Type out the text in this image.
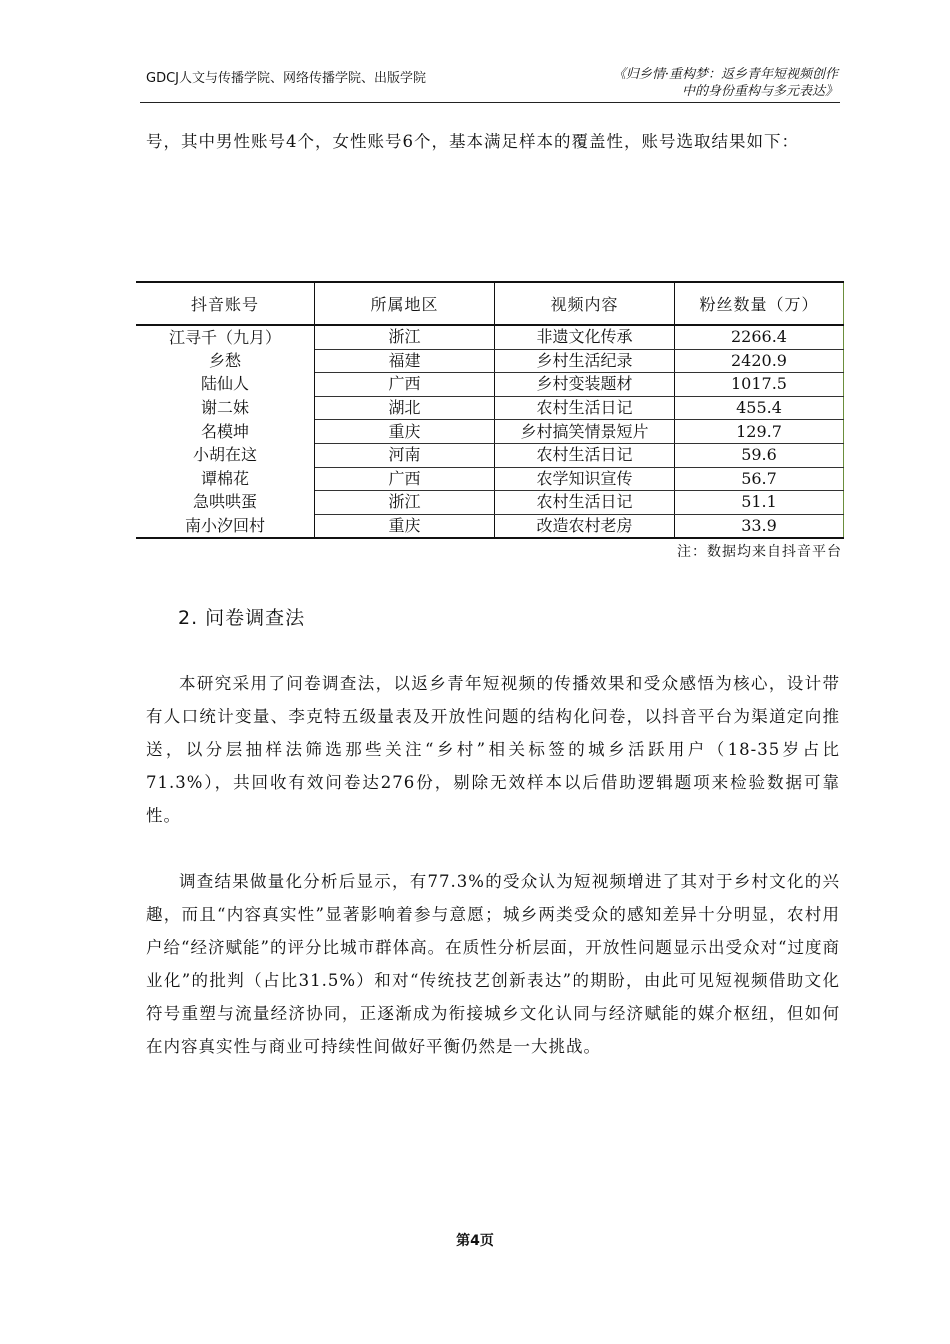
GDCJ人文与传播学院、网络传播学院、出版学院	《归乡情·重构梦：返乡青年短视频创作
中的身份重构与多元表达》
号，其中男性账号4个，女性账号6个，基本满足样本的覆盖性，账号选取结果如下：
抖音账号	所属地区	视频内容	粉丝数量（万）
江寻千（九月）	浙江	非遗文化传承	2266.4
乡愁	福建	乡村生活纪录	2420.9
陆仙人	广西	乡村变装题材	1017.5
谢二妹	湖北	农村生活日记	455.4
名模坤	重庆	乡村搞笑情景短片	129.7
小胡在这	河南	农村生活日记	59.6
谭棉花	广西	农学知识宣传	56.7
急哄哄蛋	浙江	农村生活日记	51.1
南小汐回村	重庆	改造农村老房	33.9
注：数据均来自抖音平台
2. 问卷调查法
本研究采用了问卷调查法，以返乡青年短视频的传播效果和受众感悟为核心，设计带有人口统计变量、李克特五级量表及开放性问题的结构化问卷，以抖音平台为渠道定向推送，以分层抽样法筛选那些关注“乡村”相关标签的城乡活跃用户（18-35岁占比71.3%），共回收有效问卷达276份，剔除无效样本以后借助逻辑题项来检验数据可靠性。
调查结果做量化分析后显示，有77.3%的受众认为短视频增进了其对于乡村文化的兴趣，而且“内容真实性”显著影响着参与意愿；城乡两类受众的感知差异十分明显，农村用户给“经济赋能”的评分比城市群体高。在质性分析层面，开放性问题显示出受众对“过度商业化”的批判（占比31.5%）和对“传统技艺创新表达”的期盼，由此可见短视频借助文化符号重塑与流量经济协同，正逐渐成为衔接城乡文化认同与经济赋能的媒介枢纽，但如何在内容真实性与商业可持续性间做好平衡仍然是一大挑战。
第4页
